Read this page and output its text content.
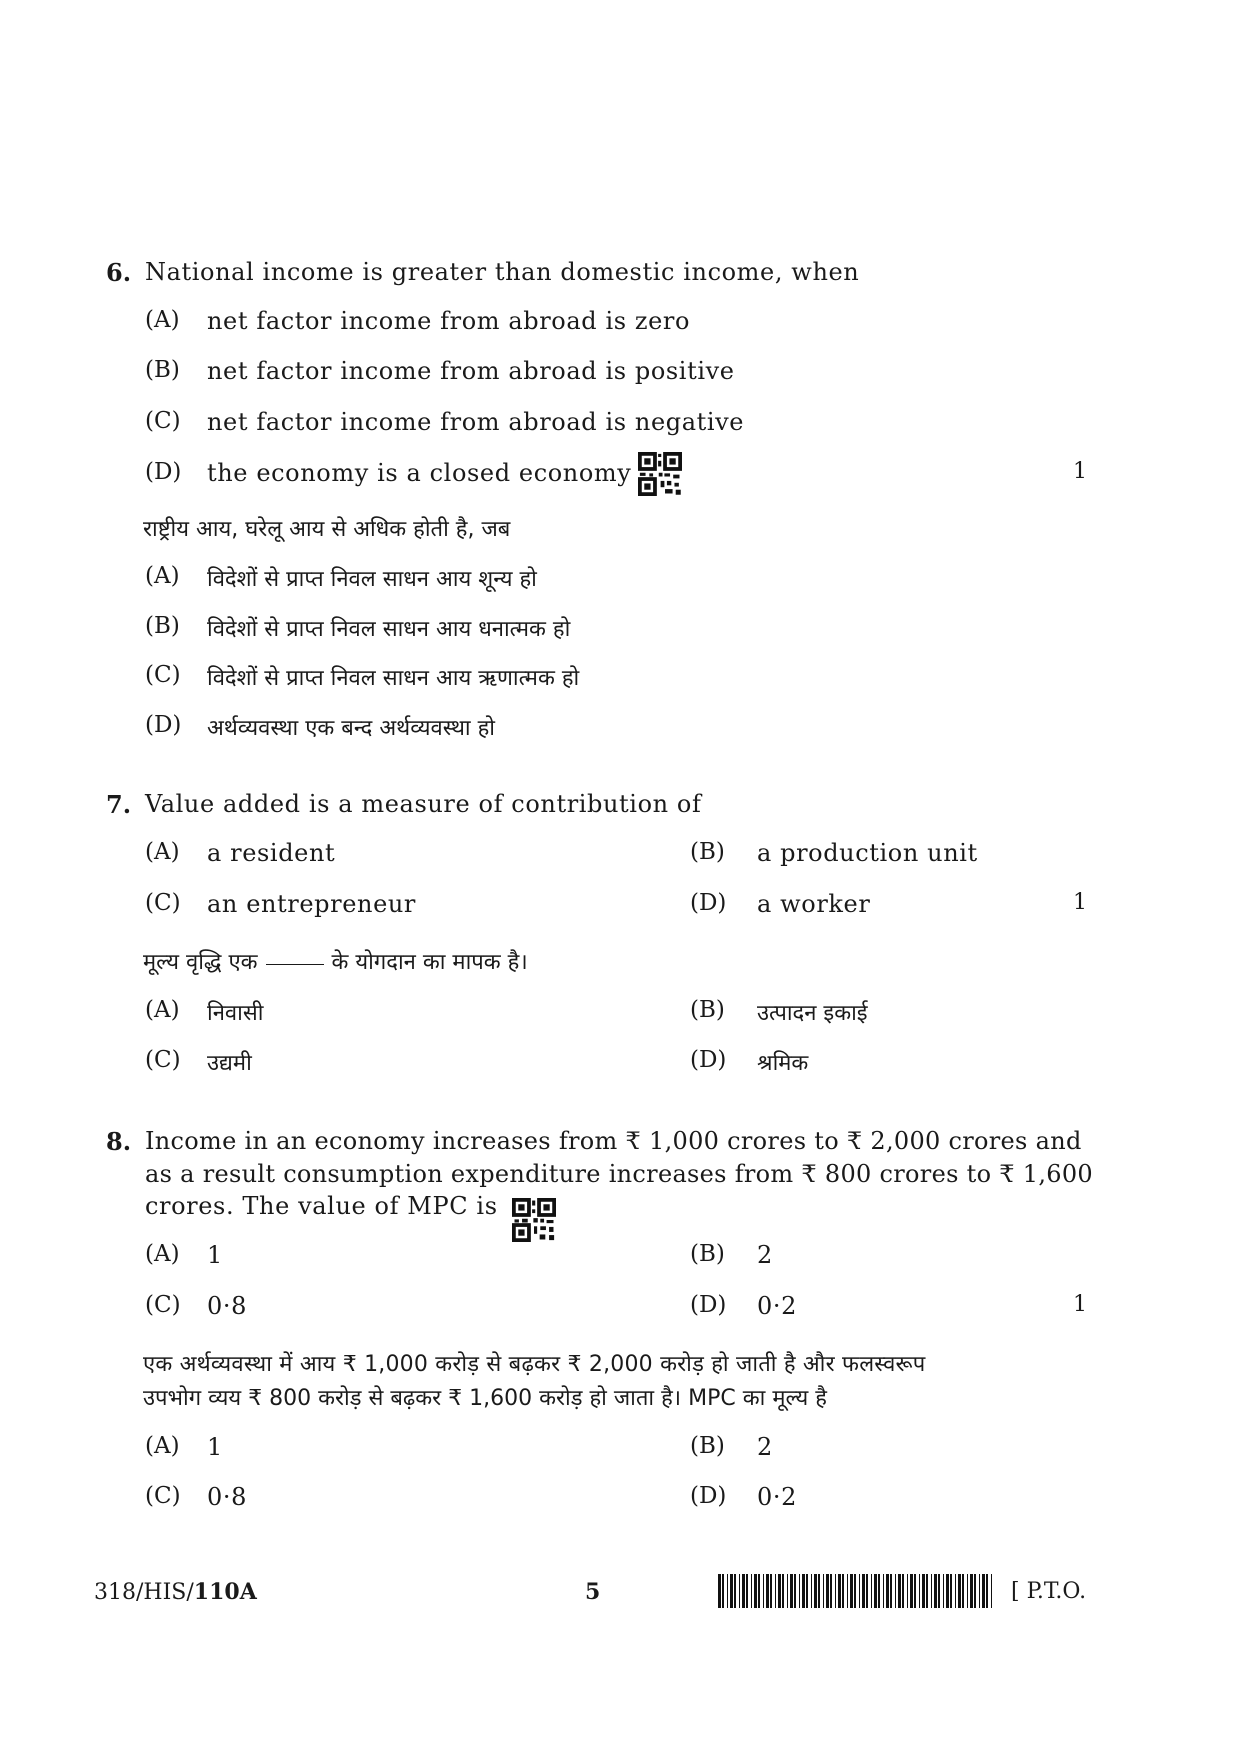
6. National income is greater than domestic income, when
(A) net factor income from abroad is zero
(B) net factor income from abroad is positive
(C) net factor income from abroad is negative
(D) the economy is a closed economy	1
राष्ट्रीय आय, घरेलू आय से अधिक होती है, जब
(A) विदेशों से प्राप्त निवल साधन आय शून्य हो
(B) विदेशों से प्राप्त निवल साधन आय धनात्मक हो
(C) विदेशों से प्राप्त निवल साधन आय ऋणात्मक हो
(D) अर्थव्यवस्था एक बन्द अर्थव्यवस्था हो
7. Value added is a measure of contribution of
(A) a resident	(B) a production unit
(C) an entrepreneur	(D) a worker	1
मूल्य वृद्धि एक	के योगदान का मापक है।
(A) निवासी	(B) उत्पादन इकाई
(C) उद्यमी	(D) श्रमिक
8. Income in an economy increases from ₹ 1,000 crores to ₹ 2,000 crores and
as a result consumption expenditure increases from ₹ 800 crores to ₹ 1,600
crores. The value of MPC is
(A) 1	(B) 2
(C) 0·8	(D) 0·2	1
एक अर्थव्यवस्था में आय ₹ 1,000 करोड़ से बढ़कर ₹ 2,000 करोड़ हो जाती है और फलस्वरूप
उपभोग व्यय ₹ 800 करोड़ से बढ़कर ₹ 1,600 करोड़ हो जाता है। MPC का मूल्य है
(A) 1	(B) 2
(C) 0·8	(D) 0·2
318/HIS/110A	5	[ P.T.O.
